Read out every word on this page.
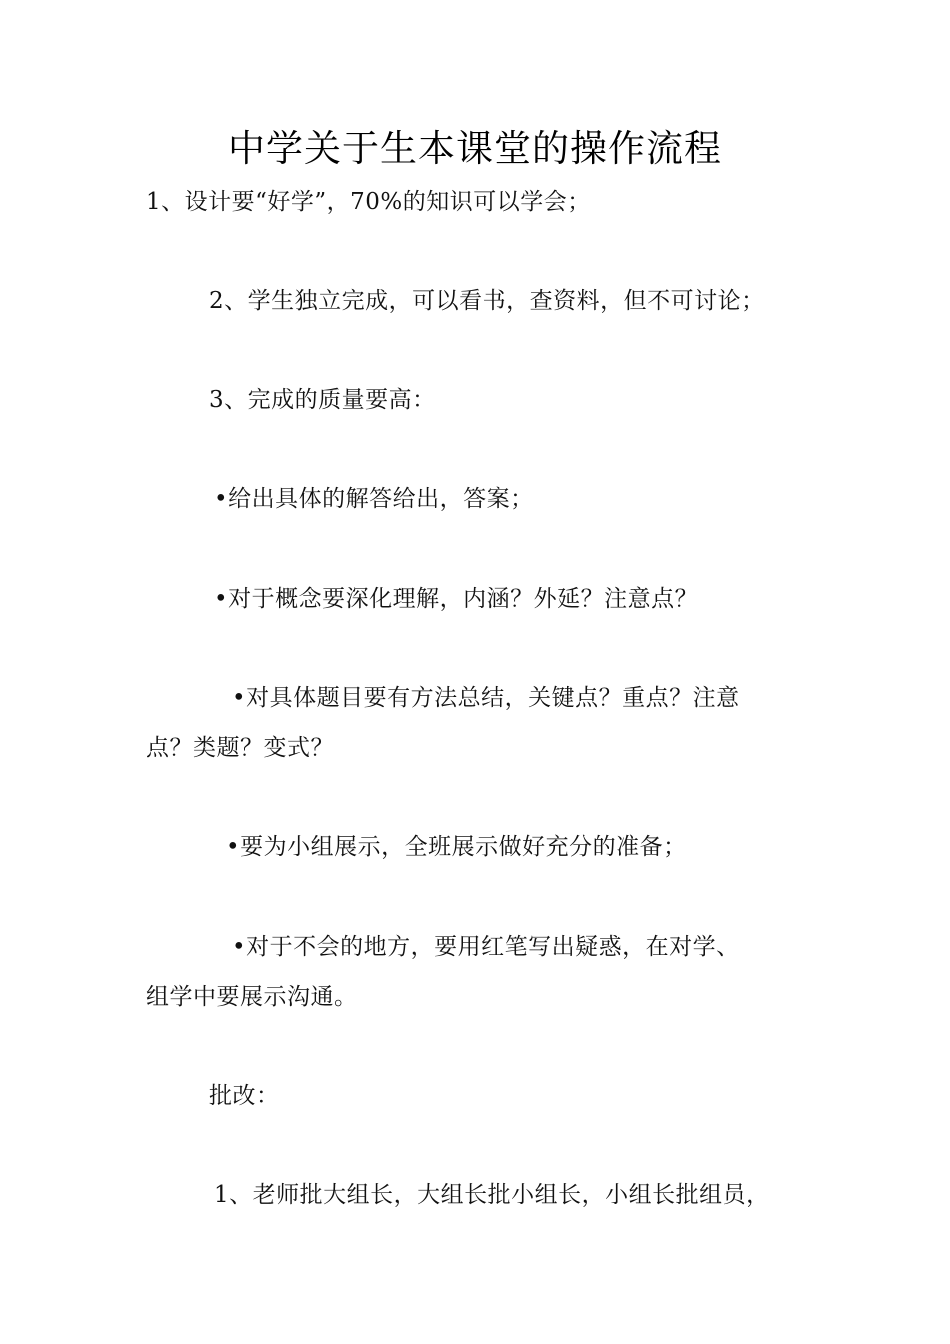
中学关于生本课堂的操作流程
1、设计要“好学”，70%的知识可以学会；
2、学生独立完成，可以看书，查资料，但不可讨论；
3、完成的质量要高：
•给出具体的解答给出，答案；
•对于概念要深化理解，内涵？外延？注意点？
•对具体题目要有方法总结，关键点？重点？注意
点？类题？变式？
•要为小组展示，全班展示做好充分的准备；
•对于不会的地方，要用红笔写出疑惑，在对学、
组学中要展示沟通。
批改：
1、老师批大组长，大组长批小组长，小组长批组员，
